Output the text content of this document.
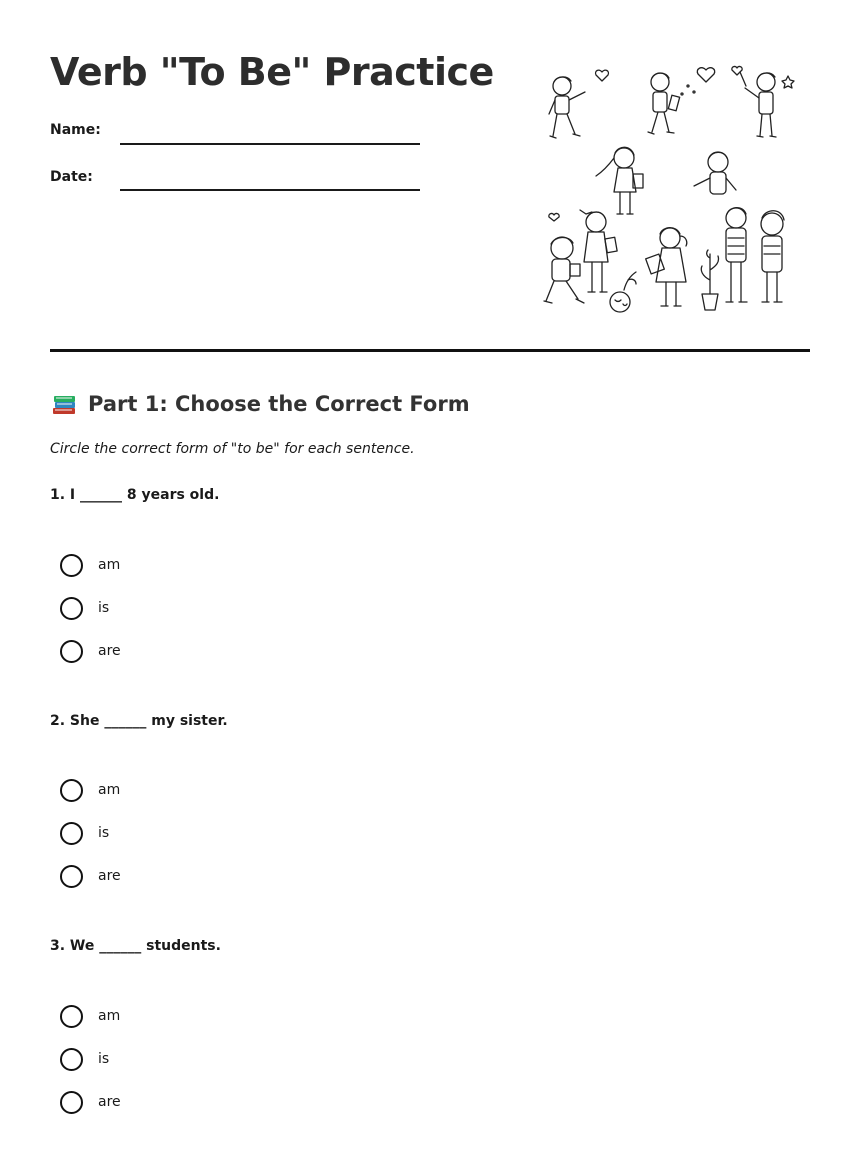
Verb "To Be" Practice
Name:
Date:
Part 1: Choose the Correct Form
Circle the correct form of "to be" for each sentence.
1. I ______ 8 years old.
am
is
are
2. She ______ my sister.
am
is
are
3. We ______ students.
am
is
are
